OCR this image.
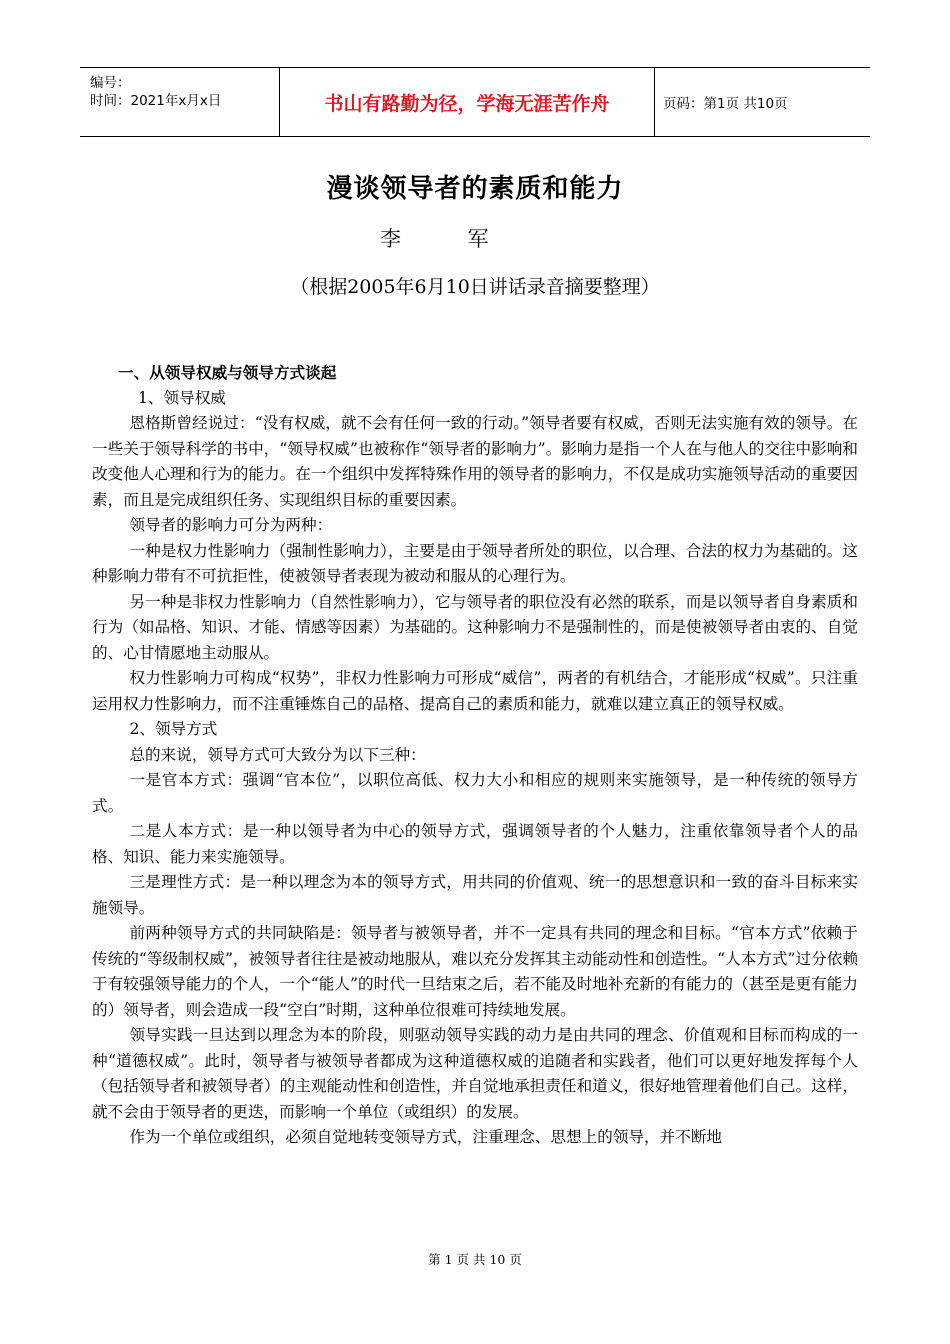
编号：
时间：2021年x月x日	书山有路勤为径，学海无涯苦作舟	页码：第1页 共10页
漫谈领导者的素质和能力
李 军
（根据2005年6月10日讲话录音摘要整理）

一、从领导权威与领导方式谈起

1、领导权威

恩格斯曾经说过：“没有权威，就不会有任何一致的行动。”领导者要有权威，否则无法实施有效的领导。在一些关于领导科学的书中，“领导权威”也被称作“领导者的影响力”。影响力是指一个人在与他人的交往中影响和改变他人心理和行为的能力。在一个组织中发挥特殊作用的领导者的影响力，不仅是成功实施领导活动的重要因素，而且是完成组织任务、实现组织目标的重要因素。

领导者的影响力可分为两种：

一种是权力性影响力（强制性影响力），主要是由于领导者所处的职位，以合理、合法的权力为基础的。这种影响力带有不可抗拒性，使被领导者表现为被动和服从的心理行为。

另一种是非权力性影响力（自然性影响力），它与领导者的职位没有必然的联系，而是以领导者自身素质和行为（如品格、知识、才能、情感等因素）为基础的。这种影响力不是强制性的，而是使被领导者由衷的、自觉的、心甘情愿地主动服从。

权力性影响力可构成“权势”，非权力性影响力可形成“威信”，两者的有机结合，才能形成“权威”。只注重运用权力性影响力，而不注重锤炼自己的品格、提高自己的素质和能力，就难以建立真正的领导权威。

2、领导方式

总的来说，领导方式可大致分为以下三种：

一是官本方式：强调“官本位”，以职位高低、权力大小和相应的规则来实施领导，是一种传统的领导方式。

二是人本方式：是一种以领导者为中心的领导方式，强调领导者的个人魅力，注重依靠领导者个人的品格、知识、能力来实施领导。

三是理性方式：是一种以理念为本的领导方式，用共同的价值观、统一的思想意识和一致的奋斗目标来实施领导。

前两种领导方式的共同缺陷是：领导者与被领导者，并不一定具有共同的理念和目标。“官本方式”依赖于传统的“等级制权威”，被领导者往往是被动地服从，难以充分发挥其主动能动性和创造性。“人本方式”过分依赖于有较强领导能力的个人，一个“能人”的时代一旦结束之后，若不能及时地补充新的有能力的（甚至是更有能力的）领导者，则会造成一段“空白”时期，这种单位很难可持续地发展。

领导实践一旦达到以理念为本的阶段，则驱动领导实践的动力是由共同的理念、价值观和目标而构成的一种“道德权威”。此时，领导者与被领导者都成为这种道德权威的追随者和实践者，他们可以更好地发挥每个人（包括领导者和被领导者）的主观能动性和创造性，并自觉地承担责任和道义，很好地管理着他们自己。这样，就不会由于领导者的更迭，而影响一个单位（或组织）的发展。

作为一个单位或组织，必须自觉地转变领导方式，注重理念、思想上的领导，并不断地

第 1 页 共 10 页
